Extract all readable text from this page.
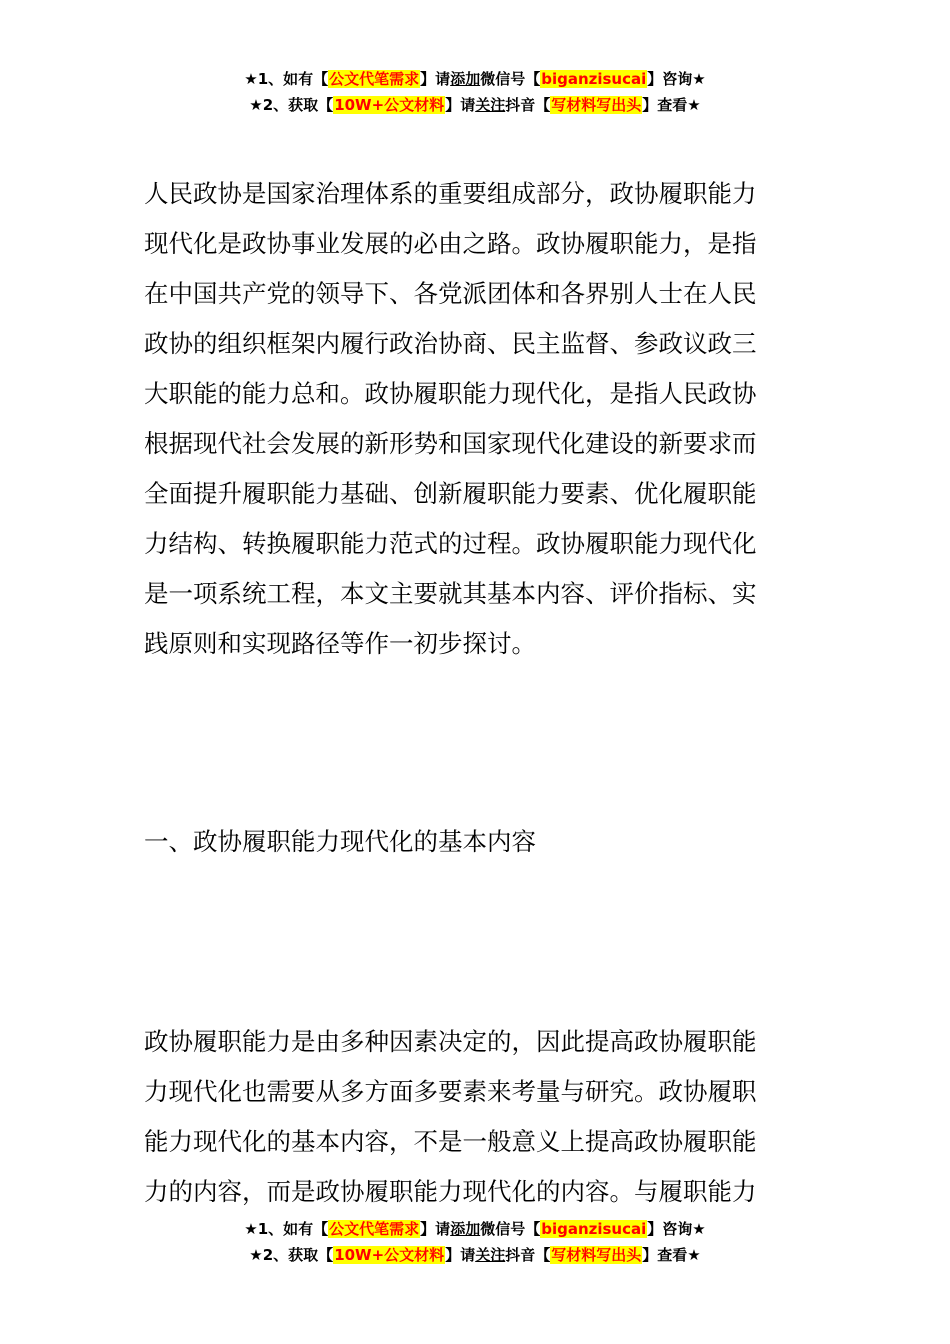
★1、如有【公文代笔需求】请添加微信号【biganzisucai】咨询★
★2、获取【10W+公文材料】请关注抖音【写材料写出头】查看★
人民政协是国家治理体系的重要组成部分，政协履职能力
现代化是政协事业发展的必由之路。政协履职能力，是指
在中国共产党的领导下、各党派团体和各界别人士在人民
政协的组织框架内履行政治协商、民主监督、参政议政三
大职能的能力总和。政协履职能力现代化，是指人民政协
根据现代社会发展的新形势和国家现代化建设的新要求而
全面提升履职能力基础、创新履职能力要素、优化履职能
力结构、转换履职能力范式的过程。政协履职能力现代化
是一项系统工程，本文主要就其基本内容、评价指标、实
践原则和实现路径等作一初步探讨。
一、政协履职能力现代化的基本内容
政协履职能力是由多种因素决定的，因此提高政协履职能
力现代化也需要从多方面多要素来考量与研究。政协履职
能力现代化的基本内容，不是一般意义上提高政协履职能
力的内容，而是政协履职能力现代化的内容。与履职能力
★1、如有【公文代笔需求】请添加微信号【biganzisucai】咨询★
★2、获取【10W+公文材料】请关注抖音【写材料写出头】查看★
